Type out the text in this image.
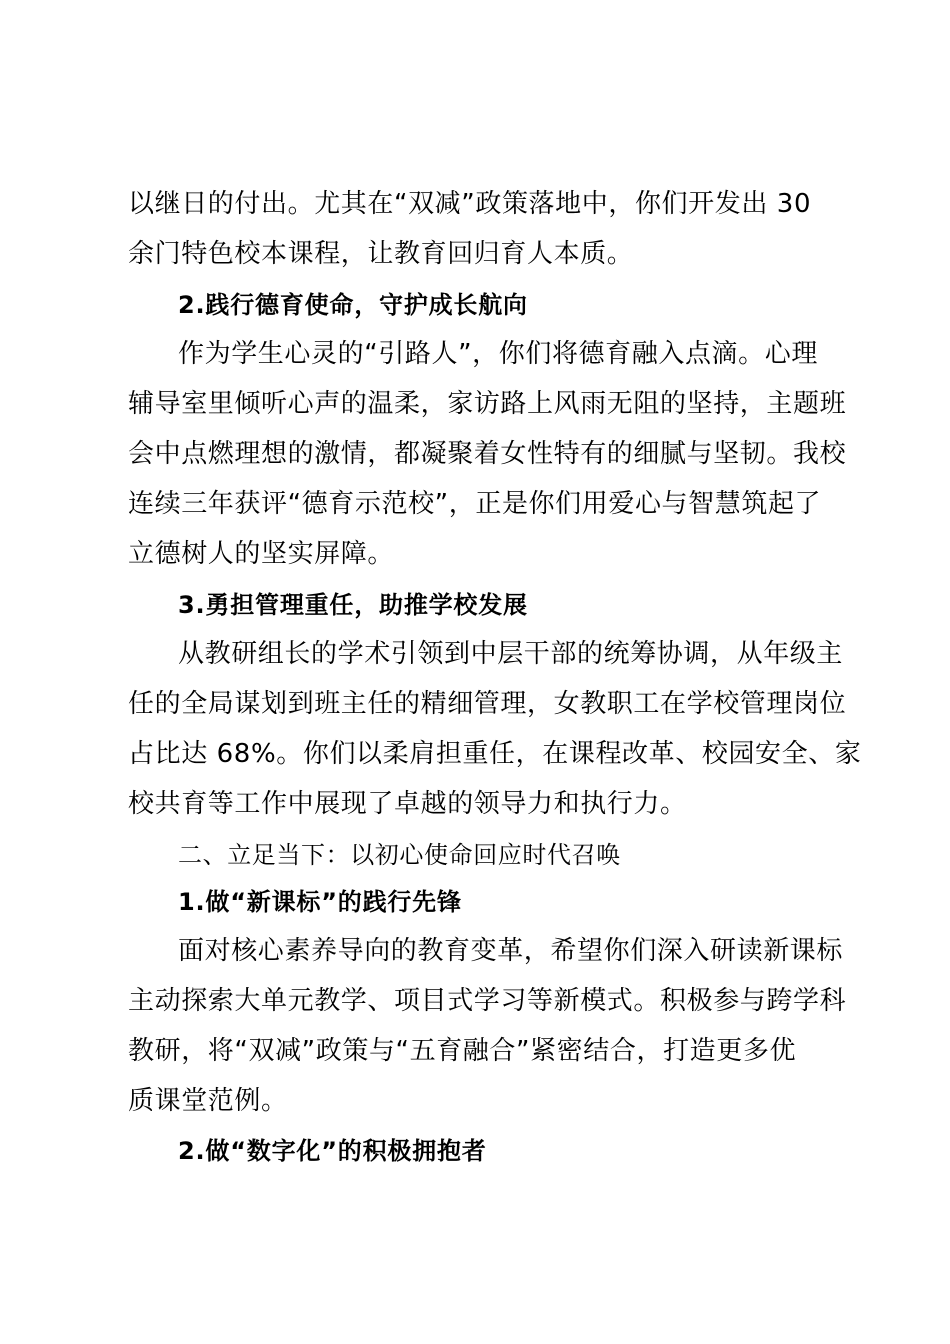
以继日的付出。尤其在“双减”政策落地中，你们开发出 30
余门特色校本课程，让教育回归育人本质。
2.践行德育使命，守护成长航向
作为学生心灵的“引路人”，你们将德育融入点滴。心理
辅导室里倾听心声的温柔，家访路上风雨无阻的坚持，主题班
会中点燃理想的激情，都凝聚着女性特有的细腻与坚韧。我校
连续三年获评“德育示范校”，正是你们用爱心与智慧筑起了
立德树人的坚实屏障。
3.勇担管理重任，助推学校发展
从教研组长的学术引领到中层干部的统筹协调，从年级主
任的全局谋划到班主任的精细管理，女教职工在学校管理岗位
占比达 68%。你们以柔肩担重任，在课程改革、校园安全、家
校共育等工作中展现了卓越的领导力和执行力。
二、立足当下：以初心使命回应时代召唤
1.做“新课标”的践行先锋
面对核心素养导向的教育变革，希望你们深入研读新课标
主动探索大单元教学、项目式学习等新模式。积极参与跨学科
教研，将“双减”政策与“五育融合”紧密结合，打造更多优
质课堂范例。
2.做“数字化”的积极拥抱者
